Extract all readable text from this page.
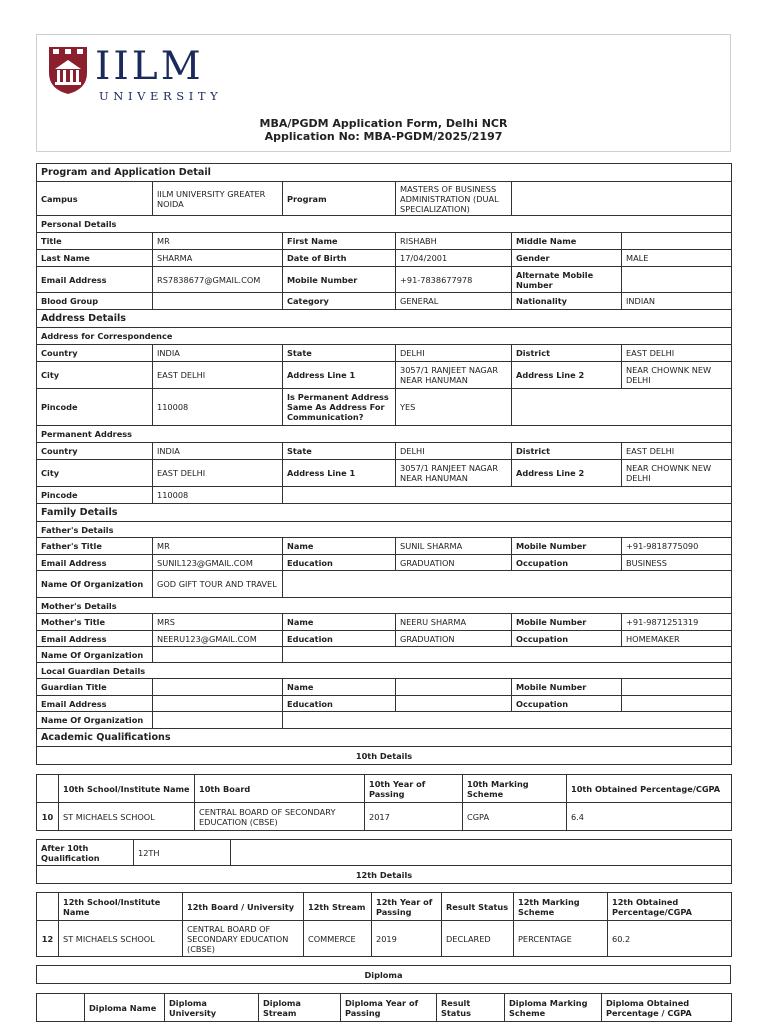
IILM
UNIVERSITY
MBA/PGDM Application Form, Delhi NCR
Application No: MBA-PGDM/2025/2197
Program and Application Detail					
Campus	IILM UNIVERSITY GREATER NOIDA	Program	MASTERS OF BUSINESS ADMINISTRATION (DUAL SPECIALIZATION)		
Personal Details					
Title	MR	First Name	RISHABH	Middle Name	
Last Name	SHARMA	Date of Birth	17/04/2001	Gender	MALE
Email Address	RS7838677@GMAIL.COM	Mobile Number	+91-7838677978	Alternate Mobile Number	
Blood Group		Category	GENERAL	Nationality	INDIAN
Address Details					
Address for Correspondence					
Country	INDIA	State	DELHI	District	EAST DELHI
City	EAST DELHI	Address Line 1	3057/1 RANJEET NAGAR NEAR HANUMAN	Address Line 2	NEAR CHOWNK NEW DELHI
Pincode	110008	Is Permanent Address Same As Address For Communication?	YES		
Permanent Address					
Country	INDIA	State	DELHI	District	EAST DELHI
City	EAST DELHI	Address Line 1	3057/1 RANJEET NAGAR NEAR HANUMAN	Address Line 2	NEAR CHOWNK NEW DELHI
Pincode	110008				
Family Details					
Father's Details					
Father's Title	MR	Name	SUNIL SHARMA	Mobile Number	+91-9818775090
Email Address	SUNIL123@GMAIL.COM	Education	GRADUATION	Occupation	BUSINESS
Name Of Organization	GOD GIFT TOUR AND TRAVEL				
Mother's Details					
Mother's Title	MRS	Name	NEERU SHARMA	Mobile Number	+91-9871251319
Email Address	NEERU123@GMAIL.COM	Education	GRADUATION	Occupation	HOMEMAKER
Name Of Organization					
Local Guardian Details					
Guardian Title		Name		Mobile Number	
Email Address		Education		Occupation	
Name Of Organization					
Academic Qualifications					
10th Details					
	10th School/Institute Name	10th Board	10th Year of Passing	10th Marking Scheme	10th Obtained Percentage/CGPA
10	ST MICHAELS SCHOOL	CENTRAL BOARD OF SECONDARY EDUCATION (CBSE)	2017	CGPA	6.4
After 10th Qualification	12TH	
12th Details
	12th School/Institute Name	12th Board / University	12th Stream	12th Year of Passing	Result Status	12th Marking Scheme	12th Obtained Percentage/CGPA
12	ST MICHAELS SCHOOL	CENTRAL BOARD OF SECONDARY EDUCATION (CBSE)	COMMERCE	2019	DECLARED	PERCENTAGE	60.2
Diploma
	Diploma Name	Diploma University	Diploma Stream	Diploma Year of Passing	Result Status	Diploma Marking Scheme	Diploma Obtained Percentage / CGPA
